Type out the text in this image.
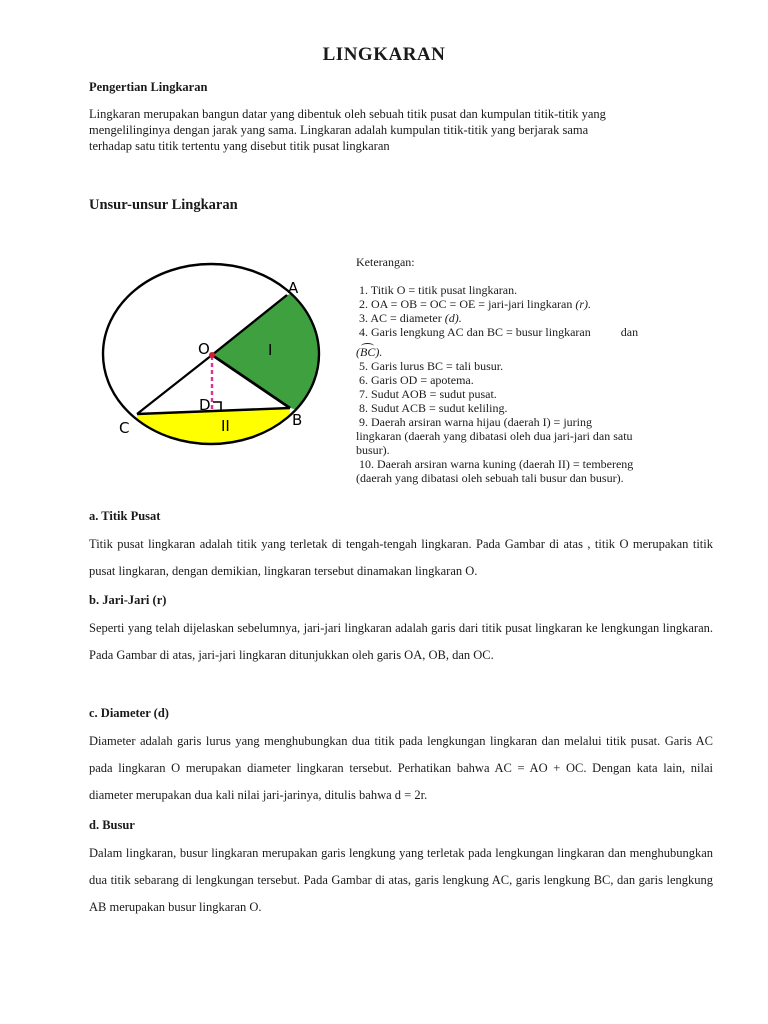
LINGKARAN
Pengertian Lingkaran
Lingkaran merupakan bangun datar yang dibentuk oleh sebuah titik pusat dan kumpulan titik-titik yang
mengelilinginya dengan jarak yang sama. Lingkaran adalah kumpulan titik-titik yang berjarak sama
terhadap satu titik tertentu yang disebut titik pusat lingkaran
Unsur-unsur Lingkaran
A
B
C
O
D
I
II
Keterangan:
1. Titik O = titik pusat lingkaran.
2. OA = OB = OC = OE = jari-jari lingkaran (r).
3. AC = diameter (d).
4. Garis lengkung AC dan BC = busur lingkaran          dan
(BC).
5. Garis lurus BC = tali busur.
6. Garis OD = apotema.
7. Sudut AOB = sudut pusat.
8. Sudut ACB = sudut keliling.
9. Daerah arsiran warna hijau (daerah I) = juring
lingkaran (daerah yang dibatasi oleh dua jari-jari dan satu
busur).
10. Daerah arsiran warna kuning (daerah II) = tembereng
(daerah yang dibatasi oleh sebuah tali busur dan busur).
a. Titik Pusat

Titik pusat lingkaran adalah titik yang terletak di tengah-tengah lingkaran. Pada Gambar di atas , titik O merupakan titik pusat lingkaran, dengan demikian, lingkaran tersebut dinamakan lingkaran O.

b. Jari-Jari (r)

Seperti yang telah dijelaskan sebelumnya, jari-jari lingkaran adalah garis dari titik pusat lingkaran ke lengkungan lingkaran. Pada Gambar di atas, jari-jari lingkaran ditunjukkan oleh garis OA, OB, dan OC.

c. Diameter (d)

Diameter adalah garis lurus yang menghubungkan dua titik pada lengkungan lingkaran dan melalui titik pusat. Garis AC pada lingkaran O merupakan diameter lingkaran tersebut. Perhatikan bahwa AC = AO + OC. Dengan kata lain, nilai diameter merupakan dua kali nilai jari-jarinya, ditulis bahwa d = 2r.

d. Busur

Dalam lingkaran, busur lingkaran merupakan garis lengkung yang terletak pada lengkungan lingkaran dan menghubungkan dua titik sebarang di lengkungan tersebut. Pada Gambar di atas, garis lengkung AC, garis lengkung BC, dan garis lengkung AB merupakan busur lingkaran O.
